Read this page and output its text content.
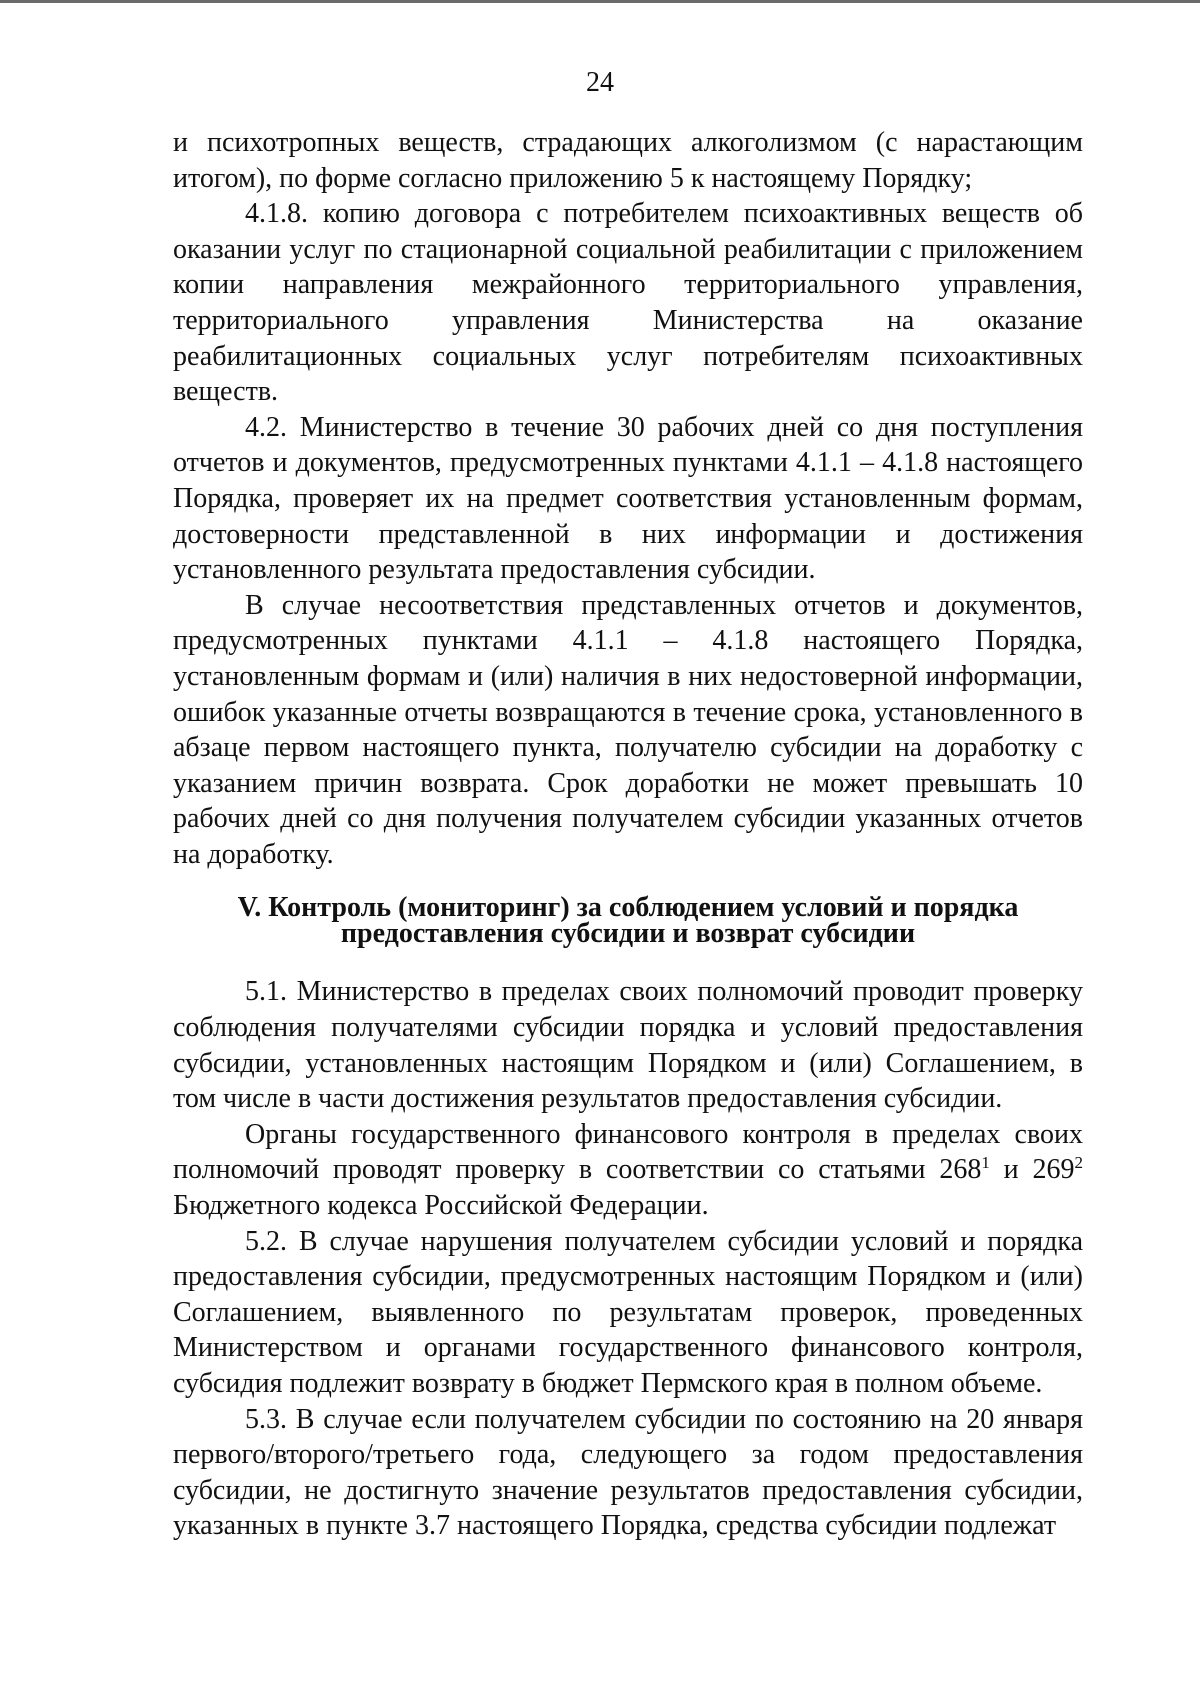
24

и психотропных веществ, страдающих алкоголизмом (с нарастающим итогом), по форме согласно приложению 5 к настоящему Порядку;

4.1.8. копию договора с потребителем психоактивных веществ об оказании услуг по стационарной социальной реабилитации с приложением копии направления межрайонного территориального управления, территориального управления Министерства на оказание реабилитационных социальных услуг потребителям психоактивных веществ.

4.2. Министерство в течение 30 рабочих дней со дня поступления отчетов и документов, предусмотренных пунктами 4.1.1 – 4.1.8 настоящего Порядка, проверяет их на предмет соответствия установленным формам, достоверности представленной в них информации и достижения установленного результата предоставления субсидии.

В случае несоответствия представленных отчетов и документов, предусмотренных пунктами 4.1.1 – 4.1.8 настоящего Порядка, установленным формам и (или) наличия в них недостоверной информации, ошибок указанные отчеты возвращаются в течение срока, установленного в абзаце первом настоящего пункта, получателю субсидии на доработку с указанием причин возврата. Срок доработки не может превышать 10 рабочих дней со дня получения получателем субсидии указанных отчетов на доработку.

V. Контроль (мониторинг) за соблюдением условий и порядка
предоставления субсидии и возврат субсидии

5.1. Министерство в пределах своих полномочий проводит проверку соблюдения получателями субсидии порядка и условий предоставления субсидии, установленных настоящим Порядком и (или) Соглашением, в том числе в части достижения результатов предоставления субсидии.

Органы государственного финансового контроля в пределах своих полномочий проводят проверку в соответствии со статьями $268^1$ и $269^2$ Бюджетного кодекса Российской Федерации.

5.2. В случае нарушения получателем субсидии условий и порядка предоставления субсидии, предусмотренных настоящим Порядком и (или) Соглашением, выявленного по результатам проверок, проведенных Министерством и органами государственного финансового контроля, субсидия подлежит возврату в бюджет Пермского края в полном объеме.

5.3. В случае если получателем субсидии по состоянию на 20 января первого/второго/третьего года, следующего за годом предоставления субсидии, не достигнуто значение результатов предоставления субсидии, указанных в пункте 3.7 настоящего Порядка, средства субсидии подлежат
